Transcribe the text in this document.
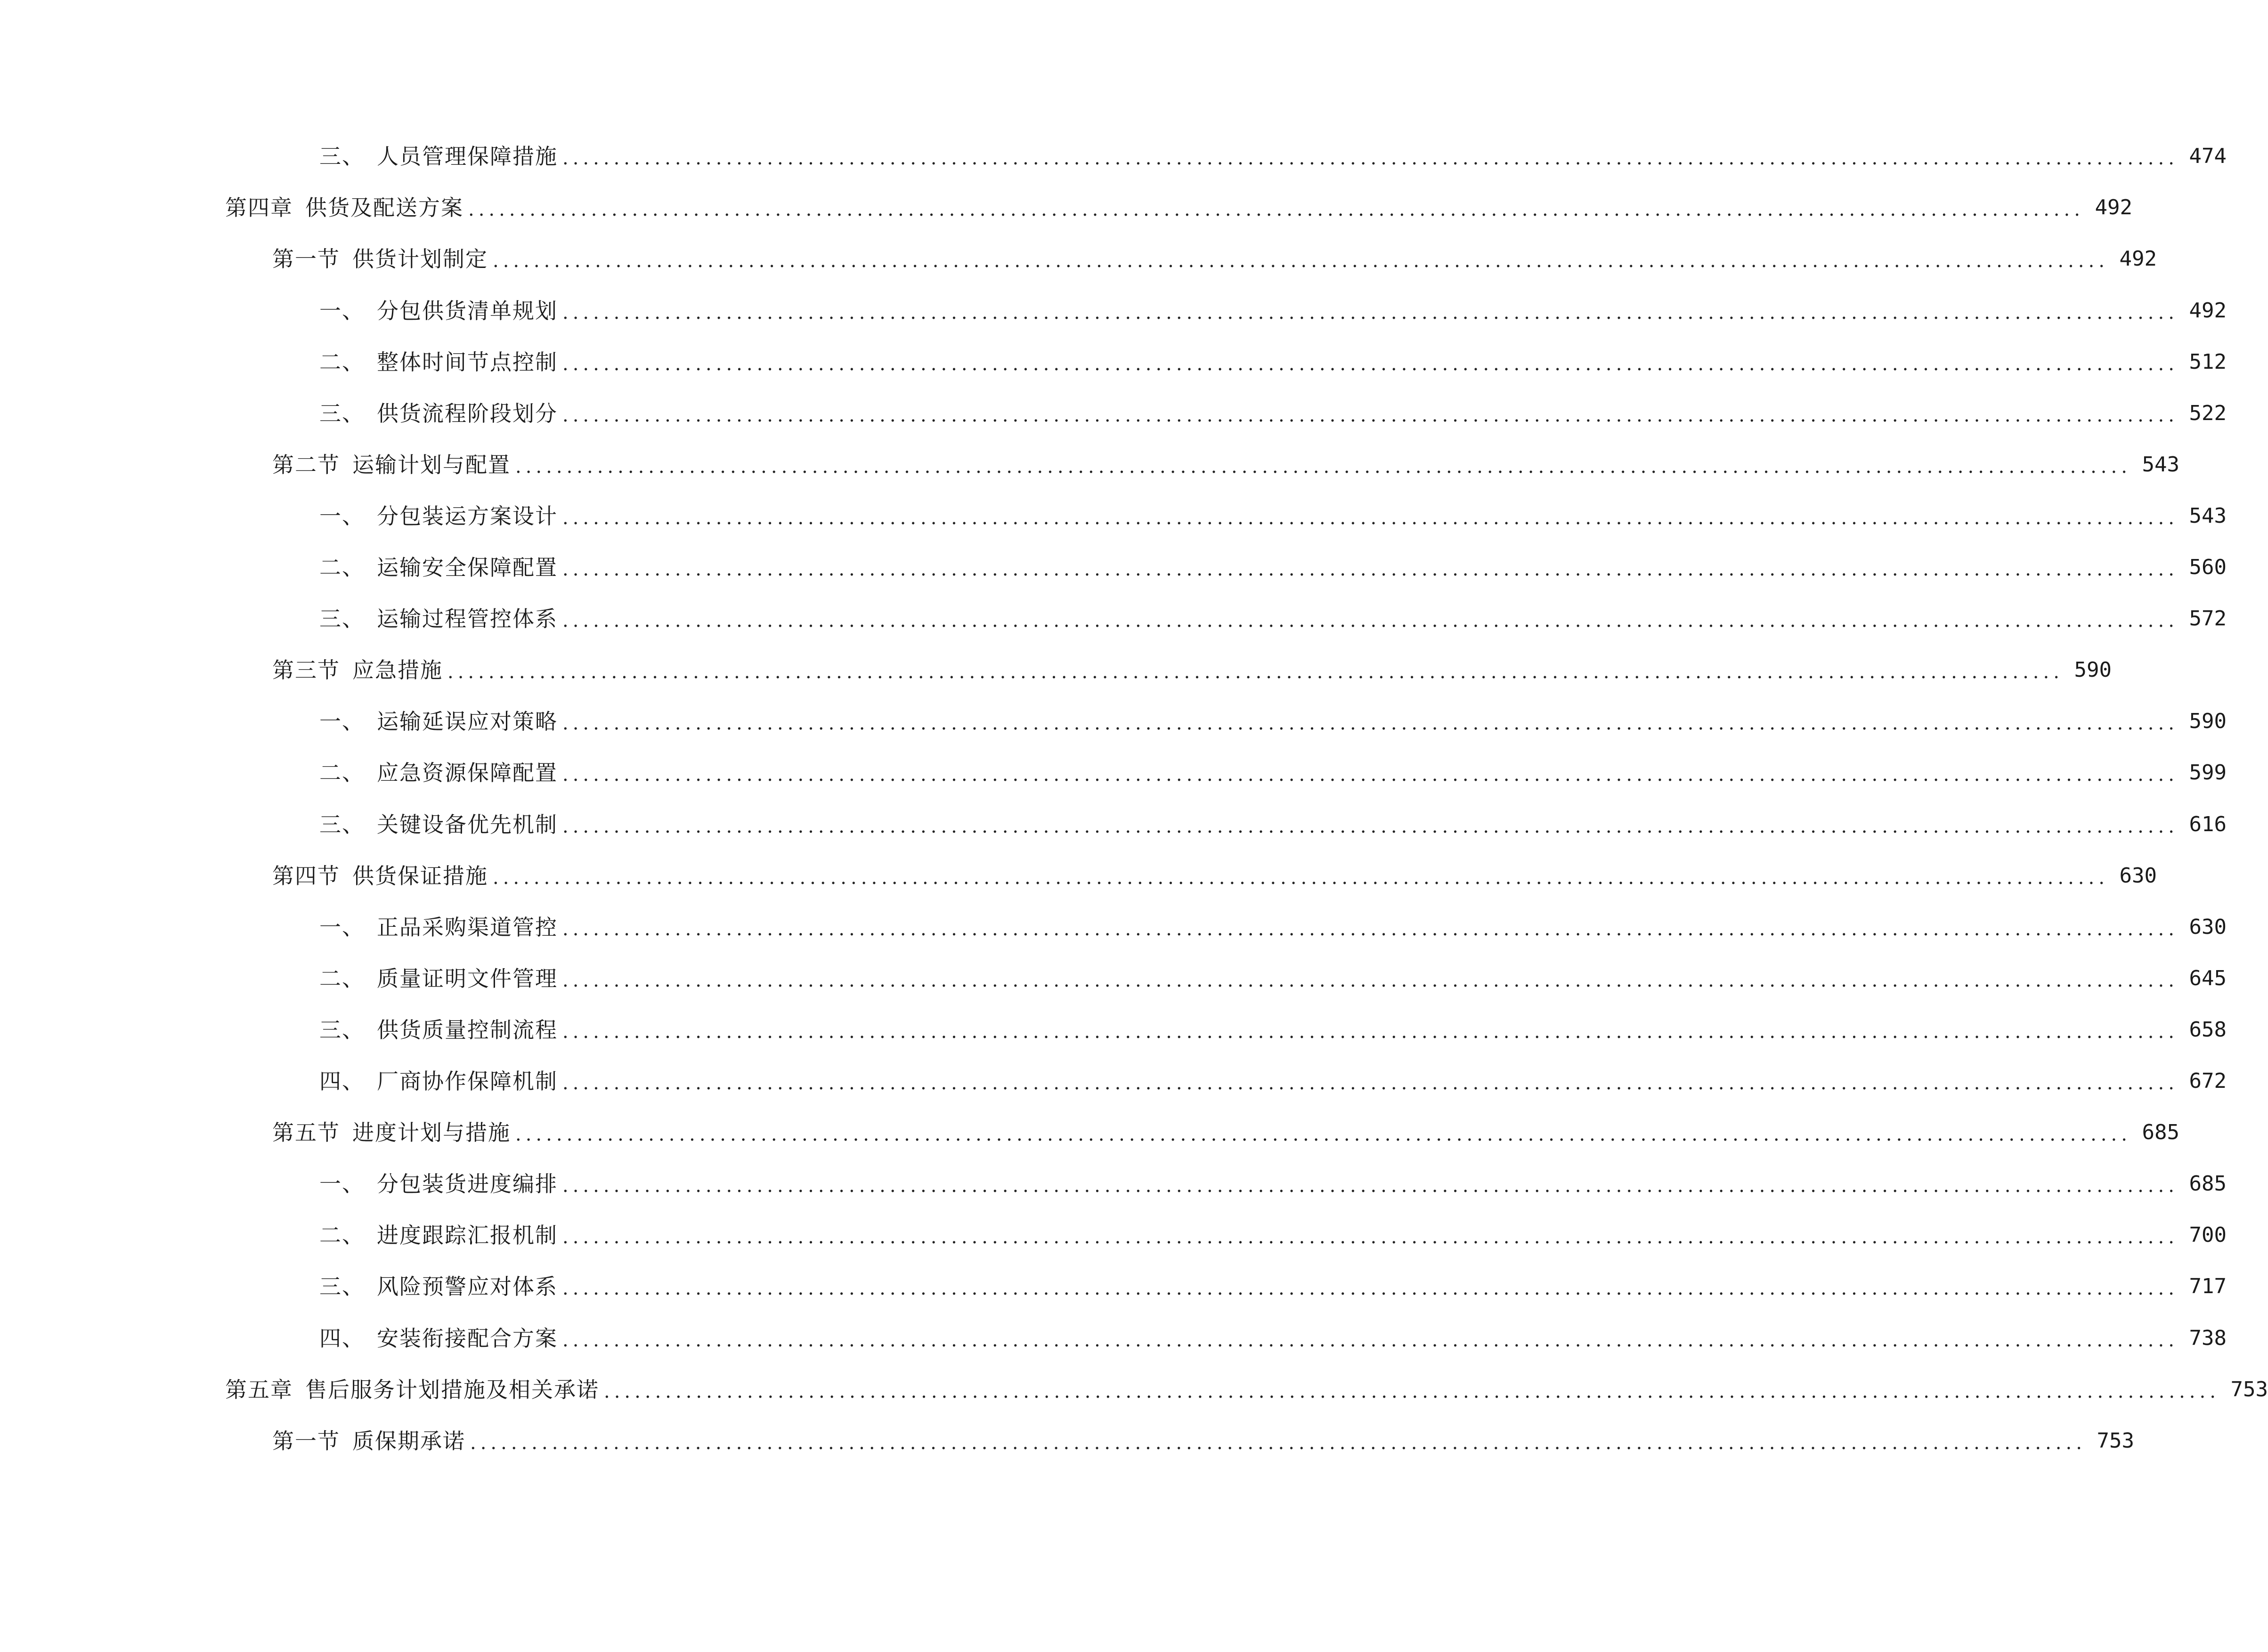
三、 人员管理保障措施 .............................................................................................................................................................. 474
第四章 供货及配送方案 .............................................................................................................................................................. 492
第一节 供货计划制定 .............................................................................................................................................................. 492
一、 分包供货清单规划 .............................................................................................................................................................. 492
二、 整体时间节点控制 .............................................................................................................................................................. 512
三、 供货流程阶段划分 .............................................................................................................................................................. 522
第二节 运输计划与配置 .............................................................................................................................................................. 543
一、 分包装运方案设计 .............................................................................................................................................................. 543
二、 运输安全保障配置 .............................................................................................................................................................. 560
三、 运输过程管控体系 .............................................................................................................................................................. 572
第三节 应急措施 .............................................................................................................................................................. 590
一、 运输延误应对策略 .............................................................................................................................................................. 590
二、 应急资源保障配置 .............................................................................................................................................................. 599
三、 关键设备优先机制 .............................................................................................................................................................. 616
第四节 供货保证措施 .............................................................................................................................................................. 630
一、 正品采购渠道管控 .............................................................................................................................................................. 630
二、 质量证明文件管理 .............................................................................................................................................................. 645
三、 供货质量控制流程 .............................................................................................................................................................. 658
四、 厂商协作保障机制 .............................................................................................................................................................. 672
第五节 进度计划与措施 .............................................................................................................................................................. 685
一、 分包装货进度编排 .............................................................................................................................................................. 685
二、 进度跟踪汇报机制 .............................................................................................................................................................. 700
三、 风险预警应对体系 .............................................................................................................................................................. 717
四、 安装衔接配合方案 .............................................................................................................................................................. 738
第五章 售后服务计划措施及相关承诺 .............................................................................................................................................................. 753
第一节 质保期承诺 .............................................................................................................................................................. 753
